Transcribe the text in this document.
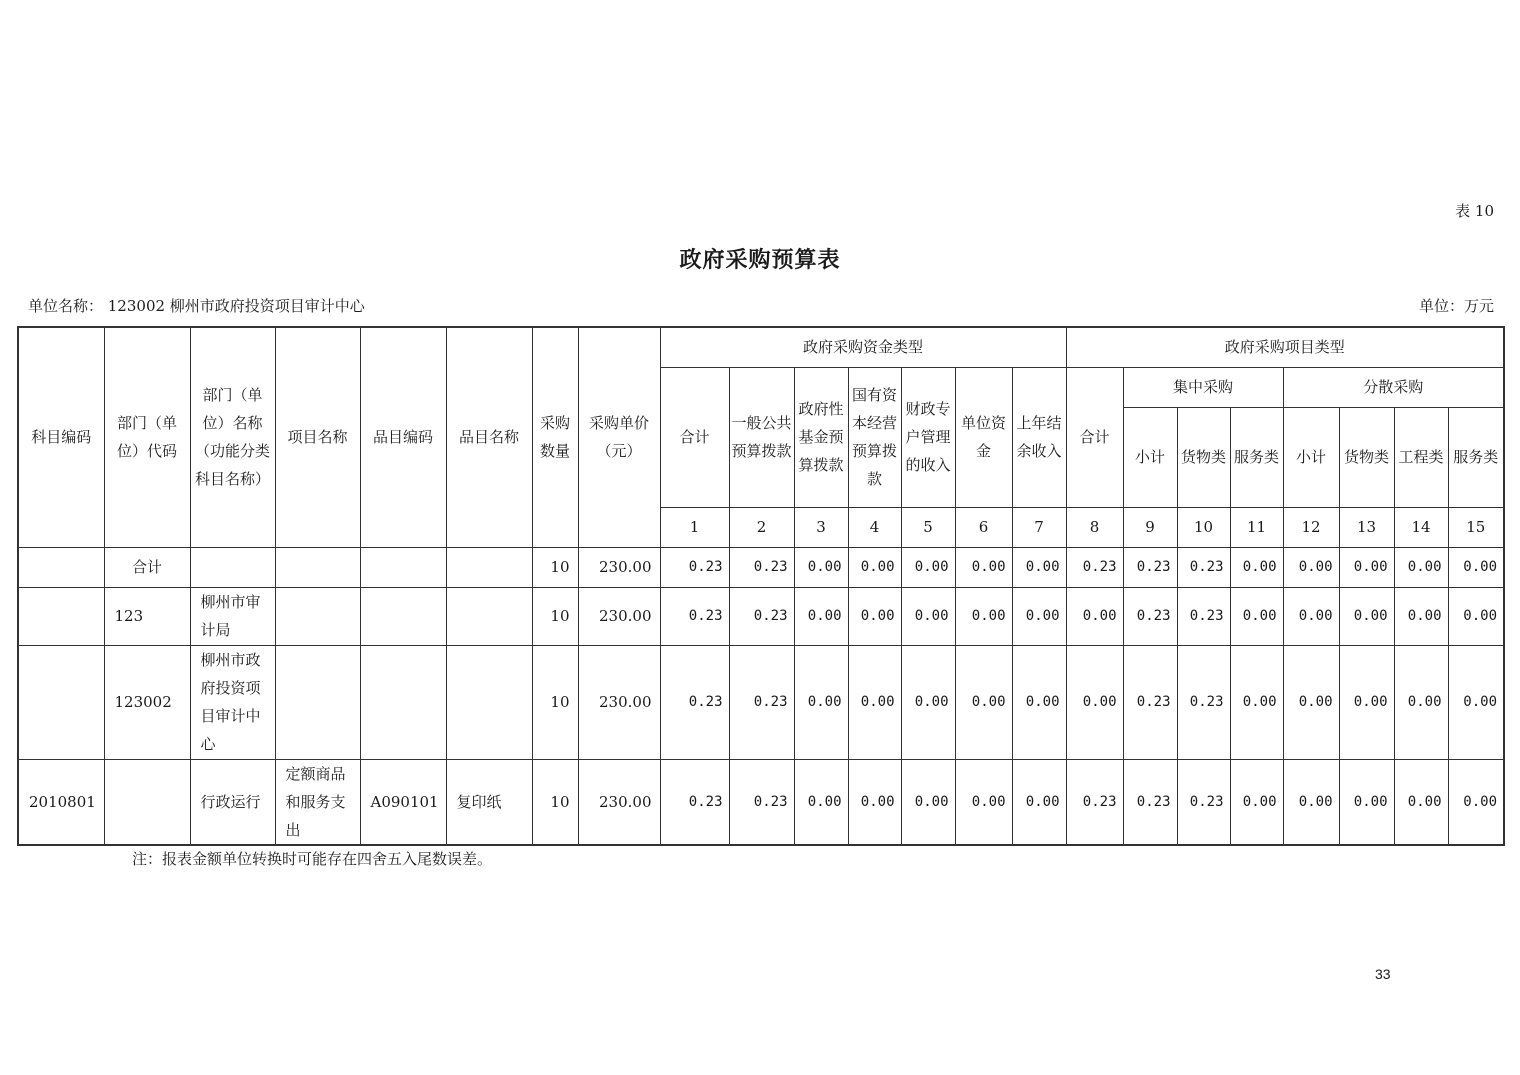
表 10
政府采购预算表
单位名称： 123002 柳州市政府投资项目审计中心	单位：万元
科目编码	部门（单位）代码	部门（单位）名称（功能分类科目名称）	项目名称	品目编码	品目名称	采购数量	采购单价（元）	政府采购资金类型							政府采购项目类型							
								合计	一般公共预算拨款	政府性基金预算拨款	国有资本经营预算拨款	财政专户管理的收入	单位资金	上年结余收入	合计	集中采购			分散采购			
																小计	货物类	服务类	小计	货物类	工程类	服务类
								1	2	3	4	5	6	7	8	9	10	11	12	13	14	15
	合计					10	230.00	0.23	0.23	0.00	0.00	0.00	0.00	0.00	0.23	0.23	0.23	0.00	0.00	0.00	0.00	0.00
	123	柳州市审计局				10	230.00	0.23	0.23	0.00	0.00	0.00	0.00	0.00	0.00	0.23	0.23	0.00	0.00	0.00	0.00	0.00
	123002	柳州市政府投资项目审计中心				10	230.00	0.23	0.23	0.00	0.00	0.00	0.00	0.00	0.00	0.23	0.23	0.00	0.00	0.00	0.00	0.00
2010801		行政运行	定额商品和服务支出	A090101	复印纸	10	230.00	0.23	0.23	0.00	0.00	0.00	0.00	0.00	0.23	0.23	0.23	0.00	0.00	0.00	0.00	0.00
注：报表金额单位转换时可能存在四舍五入尾数误差。
33
